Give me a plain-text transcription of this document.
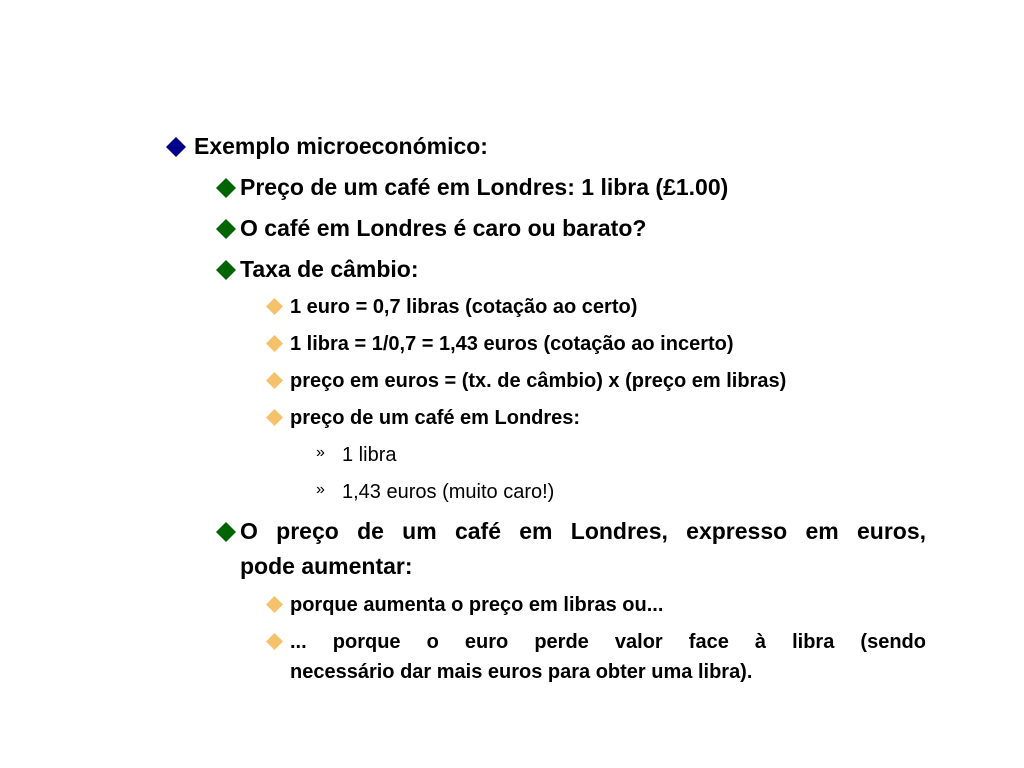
Exemplo microeconómico:
Preço de um café em Londres: 1 libra (£1.00)
O café em Londres é caro ou barato?
Taxa de câmbio:
1 euro = 0,7 libras (cotação ao certo)
1 libra = 1/0,7 = 1,43 euros (cotação ao incerto)
preço em euros = (tx. de câmbio) x (preço em libras)
preço de um café em Londres:
» 1 libra
» 1,43 euros (muito caro!)
O preço de um café em Londres, expresso em euros,
pode aumentar:
porque aumenta o preço em libras ou...
... porque o euro perde valor face à libra (sendo
necessário dar mais euros para obter uma libra).
